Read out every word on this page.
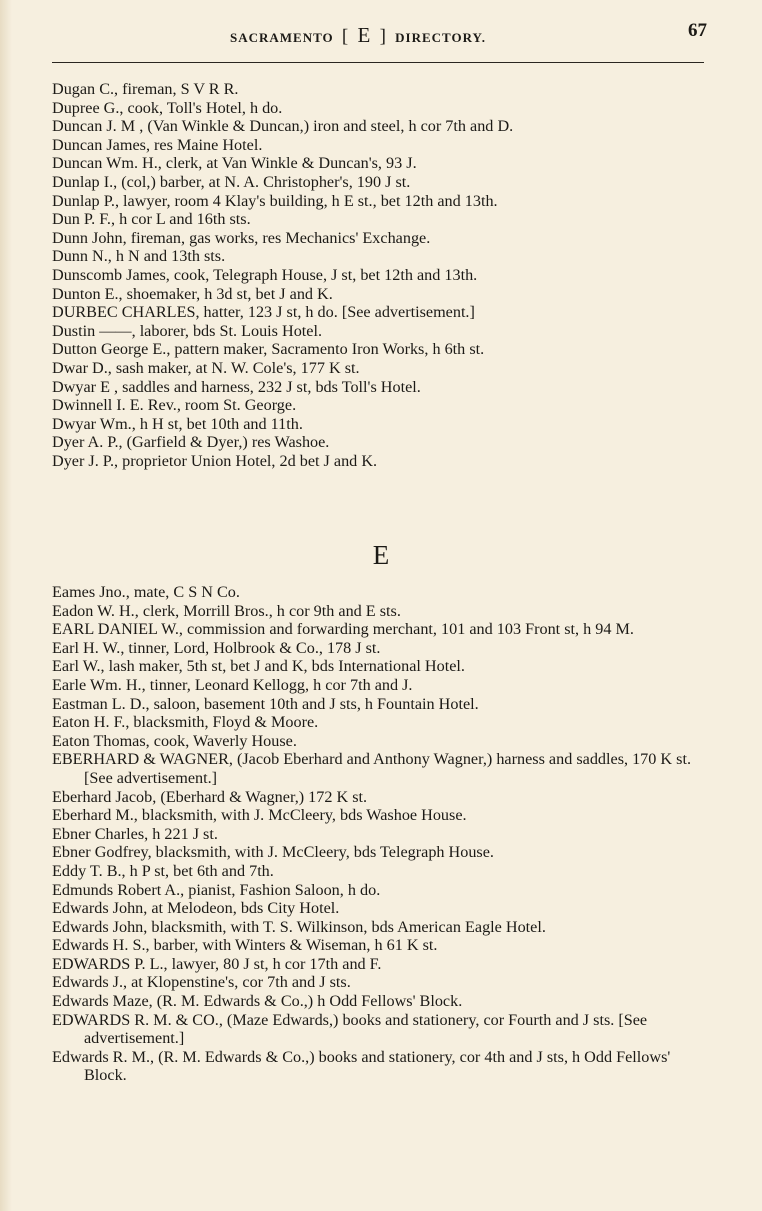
SACRAMENTO [ E ] DIRECTORY.	67
Dugan C., fireman, S V R R.
Dupree G., cook, Toll's Hotel, h do.
Duncan J. M , (Van Winkle & Duncan,) iron and steel, h cor 7th and D.
Duncan James, res Maine Hotel.
Duncan Wm. H., clerk, at Van Winkle & Duncan's, 93 J.
Dunlap I., (col,) barber, at N. A. Christopher's, 190 J st.
Dunlap P., lawyer, room 4 Klay's building, h E st., bet 12th and 13th.
Dun P. F., h cor L and 16th sts.
Dunn John, fireman, gas works, res Mechanics' Exchange.
Dunn N., h N and 13th sts.
Dunscomb James, cook, Telegraph House, J st, bet 12th and 13th.
Dunton E., shoemaker, h 3d st, bet J and K.
DURBEC CHARLES, hatter, 123 J st, h do. [See advertisement.]
Dustin ——, laborer, bds St. Louis Hotel.
Dutton George E., pattern maker, Sacramento Iron Works, h 6th st.
Dwar D., sash maker, at N. W. Cole's, 177 K st.
Dwyar E , saddles and harness, 232 J st, bds Toll's Hotel.
Dwinnell I. E. Rev., room St. George.
Dwyar Wm., h H st, bet 10th and 11th.
Dyer A. P., (Garfield & Dyer,) res Washoe.
Dyer J. P., proprietor Union Hotel, 2d bet J and K.
E
Eames Jno., mate, C S N Co.
Eadon W. H., clerk, Morrill Bros., h cor 9th and E sts.
EARL DANIEL W., commission and forwarding merchant, 101 and 103 Front st, h 94 M.
Earl H. W., tinner, Lord, Holbrook & Co., 178 J st.
Earl W., lash maker, 5th st, bet J and K, bds International Hotel.
Earle Wm. H., tinner, Leonard Kellogg, h cor 7th and J.
Eastman L. D., saloon, basement 10th and J sts, h Fountain Hotel.
Eaton H. F., blacksmith, Floyd & Moore.
Eaton Thomas, cook, Waverly House.
EBERHARD & WAGNER, (Jacob Eberhard and Anthony Wagner,) harness and saddles, 170 K st. [See advertisement.]
Eberhard Jacob, (Eberhard & Wagner,) 172 K st.
Eberhard M., blacksmith, with J. McCleery, bds Washoe House.
Ebner Charles, h 221 J st.
Ebner Godfrey, blacksmith, with J. McCleery, bds Telegraph House.
Eddy T. B., h P st, bet 6th and 7th.
Edmunds Robert A., pianist, Fashion Saloon, h do.
Edwards John, at Melodeon, bds City Hotel.
Edwards John, blacksmith, with T. S. Wilkinson, bds American Eagle Hotel.
Edwards H. S., barber, with Winters & Wiseman, h 61 K st.
EDWARDS P. L., lawyer, 80 J st, h cor 17th and F.
Edwards J., at Klopenstine's, cor 7th and J sts.
Edwards Maze, (R. M. Edwards & Co.,) h Odd Fellows' Block.
EDWARDS R. M. & CO., (Maze Edwards,) books and stationery, cor Fourth and J sts. [See advertisement.]
Edwards R. M., (R. M. Edwards & Co.,) books and stationery, cor 4th and J sts, h Odd Fellows' Block.
